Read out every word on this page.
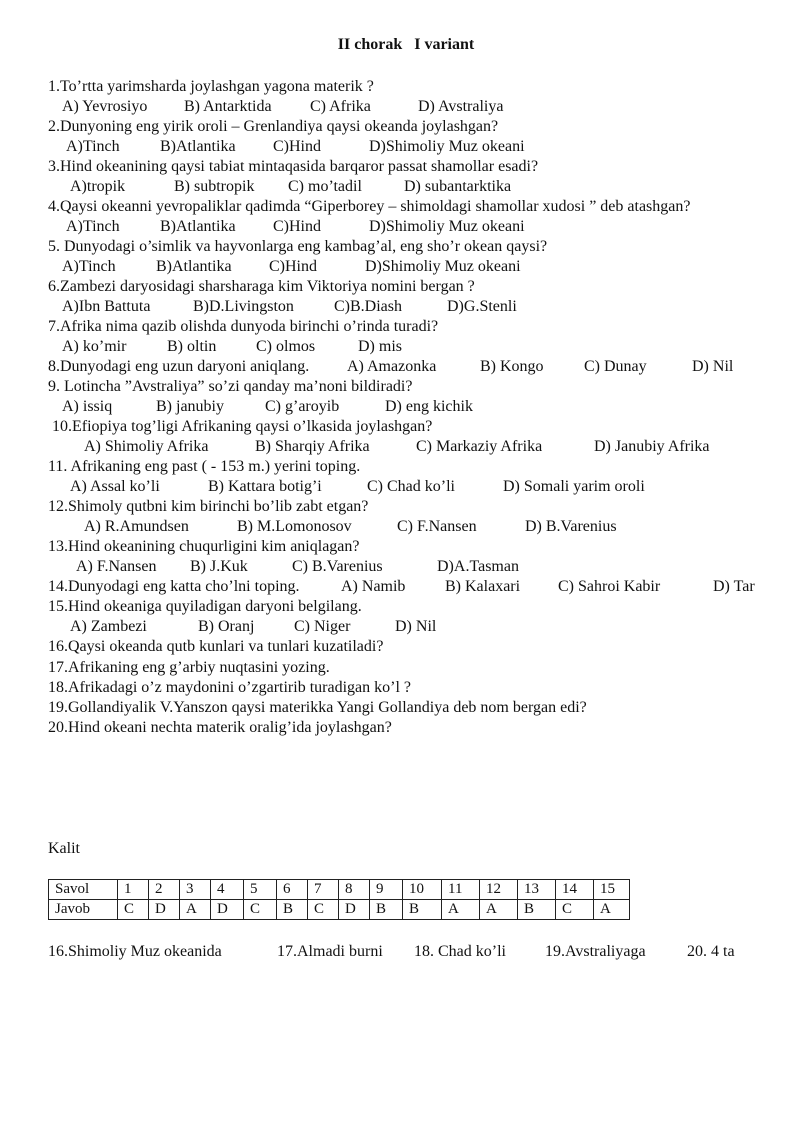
II chorak   I variant
1.To’rtta yarimsharda joylashgan yagona materik ?
A) Yevrosiyo B) Antarktida C) Afrika	D) Avstraliya
2.Dunyoning eng yirik oroli – Grenlandiya qaysi okeanda joylashgan?
A)Tinch	B)Atlantika C)Hind	D)Shimoliy Muz okeani
3.Hind okeanining qaysi tabiat mintaqasida barqaror passat shamollar esadi?
A)tropik	B) subtropik C) mo’tadil	D) subantarktika
4.Qaysi okeanni yevropaliklar qadimda “Giperborey – shimoldagi shamollar xudosi ” deb atashgan?
A)Tinch	B)Atlantika C)Hind	D)Shimoliy Muz okeani
5. Dunyodagi o’simlik va hayvonlarga eng kambag’al, eng sho’r okean qaysi?
A)Tinch	B)Atlantika C)Hind	D)Shimoliy Muz okeani
6.Zambezi daryosidagi sharsharaga kim Viktoriya nomini bergan ?
A)Ibn Battuta	B)D.Livingston	C)B.Diash	D)G.Stenli
7.Afrika nima qazib olishda dunyoda birinchi o’rinda turadi?
A) ko’mir	B) oltin C) olmos	D) mis
8.Dunyodagi eng uzun daryoni aniqlang. A) Amazonka	B) Kongo	C) Dunay	D) Nil
9. Lotincha ”Avstraliya” so’zi qanday ma’noni bildiradi?
A) issiq	B) janubiy	C) g’aroyib	D) eng kichik
10.Efiopiya tog’ligi Afrikaning qaysi o’lkasida joylashgan?
A) Shimoliy Afrika	B) Sharqiy Afrika	C) Markaziy Afrika	D) Janubiy Afrika
11. Afrikaning eng past ( - 153 m.) yerini toping.
A) Assal ko’li	B) Kattara botig’i	C) Chad ko’li	D) Somali yarim oroli
12.Shimoly qutbni kim birinchi bo’lib zabt etgan?
A) R.Amundsen	B) M.Lomonosov	C) F.Nansen	D) B.Varenius
13.Hind okeanining chuqurligini kim aniqlagan?
A) F.Nansen B) J.Kuk	C) B.Varenius	D)A.Tasman
14.Dunyodagi eng katta cho’lni toping.	A) Namib B) Kalaxari C) Sahroi Kabir	D) Tar
15.Hind okeaniga quyiladigan daryoni belgilang.
A) Zambezi	B) Oranj C) Niger	D) Nil
16.Qaysi okeanda qutb kunlari va tunlari kuzatiladi?
17.Afrikaning eng g’arbiy nuqtasini yozing.
18.Afrikadagi o’z maydonini o’zgartirib turadigan ko’l ?
19.Gollandiyalik V.Yanszon qaysi materikka Yangi Gollandiya deb nom bergan edi?
20.Hind okeani nechta materik oralig’ida joylashgan?
Kalit
Savol	1	2	3	4	5	6	7	8	9	10	11	12	13	14	15
Javob	C	D	A	D	C	B	C	D	B	B	A	A	B	C	A
16.Shimoliy Muz okeanida	17.Almadi burni 18. Chad ko’li 19.Avstraliyaga	20. 4 ta
